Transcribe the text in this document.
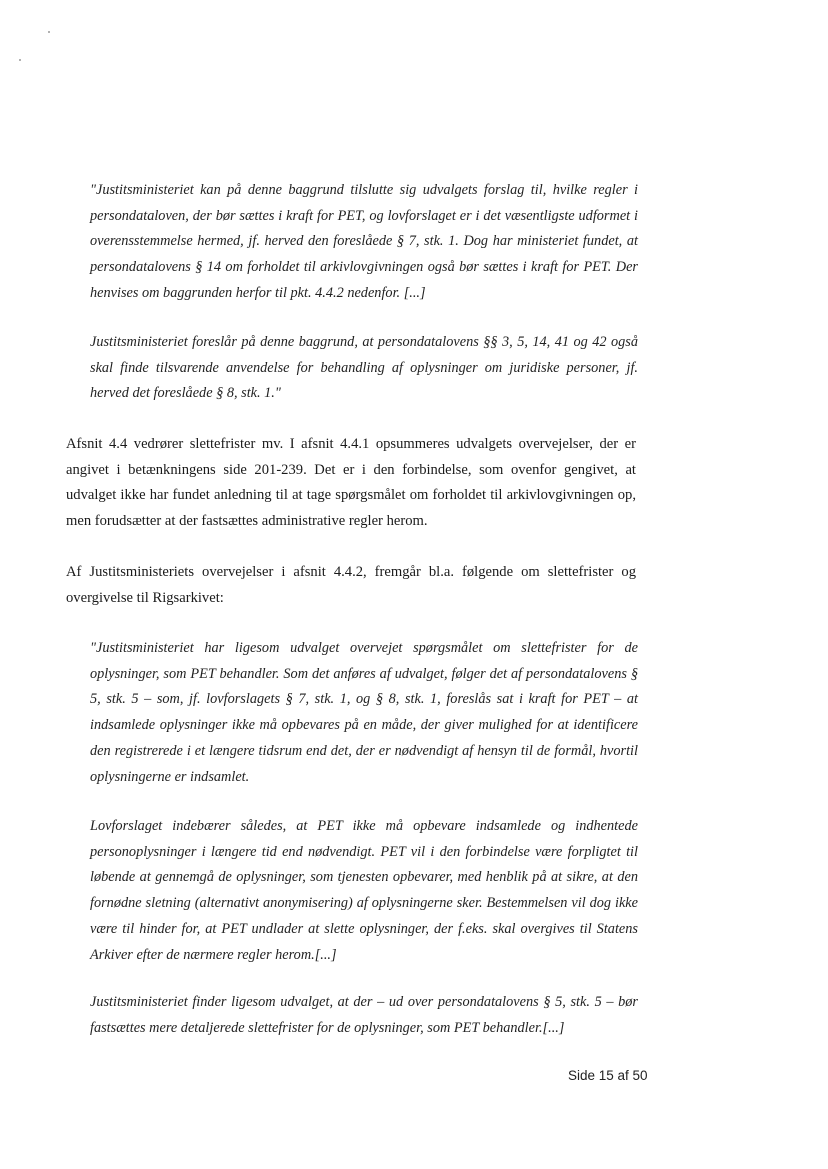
"Justitsministeriet kan på denne baggrund tilslutte sig udvalgets forslag til, hvilke regler i persondataloven, der bør sættes i kraft for PET, og lovforslaget er i det væsentligste udformet i overensstemmelse hermed, jf. herved den foreslåede § 7, stk. 1. Dog har ministeriet fundet, at persondatalovens § 14 om forholdet til arkivlovgivningen også bør sættes i kraft for PET. Der henvises om baggrunden herfor til pkt. 4.4.2 nedenfor. [...]

Justitsministeriet foreslår på denne baggrund, at persondatalovens §§ 3, 5, 14, 41 og 42 også skal finde tilsvarende anvendelse for behandling af oplysninger om juridiske personer, jf. herved det foreslåede § 8, stk. 1."

Afsnit 4.4 vedrører slettefrister mv. I afsnit 4.4.1 opsummeres udvalgets overvejelser, der er angivet i betænkningens side 201-239. Det er i den forbindelse, som ovenfor gengivet, at udvalget ikke har fundet anledning til at tage spørgsmålet om forholdet til arkivlovgivningen op, men forudsætter at der fastsættes administrative regler herom.

Af Justitsministeriets overvejelser i afsnit 4.4.2, fremgår bl.a. følgende om slettefrister og overgivelse til Rigsarkivet:

"Justitsministeriet har ligesom udvalget overvejet spørgsmålet om slettefrister for de oplysninger, som PET behandler. Som det anføres af udvalget, følger det af persondatalovens § 5, stk. 5 – som, jf. lovforslagets § 7, stk. 1, og § 8, stk. 1, foreslås sat i kraft for PET – at indsamlede oplysninger ikke må opbevares på en måde, der giver mulighed for at identificere den registrerede i et længere tidsrum end det, der er nødvendigt af hensyn til de formål, hvortil oplysningerne er indsamlet.

Lovforslaget indebærer således, at PET ikke må opbevare indsamlede og indhentede personoplysninger i længere tid end nødvendigt. PET vil i den forbindelse være forpligtet til løbende at gennemgå de oplysninger, som tjenesten opbevarer, med henblik på at sikre, at den fornødne sletning (alternativt anonymisering) af oplysningerne sker. Bestemmelsen vil dog ikke være til hinder for, at PET undlader at slette oplysninger, der f.eks. skal overgives til Statens Arkiver efter de nærmere regler herom.[...]

Justitsministeriet finder ligesom udvalget, at der – ud over persondatalovens § 5, stk. 5 – bør fastsættes mere detaljerede slettefrister for de oplysninger, som PET behandler.[...]

Side 15 af 50
